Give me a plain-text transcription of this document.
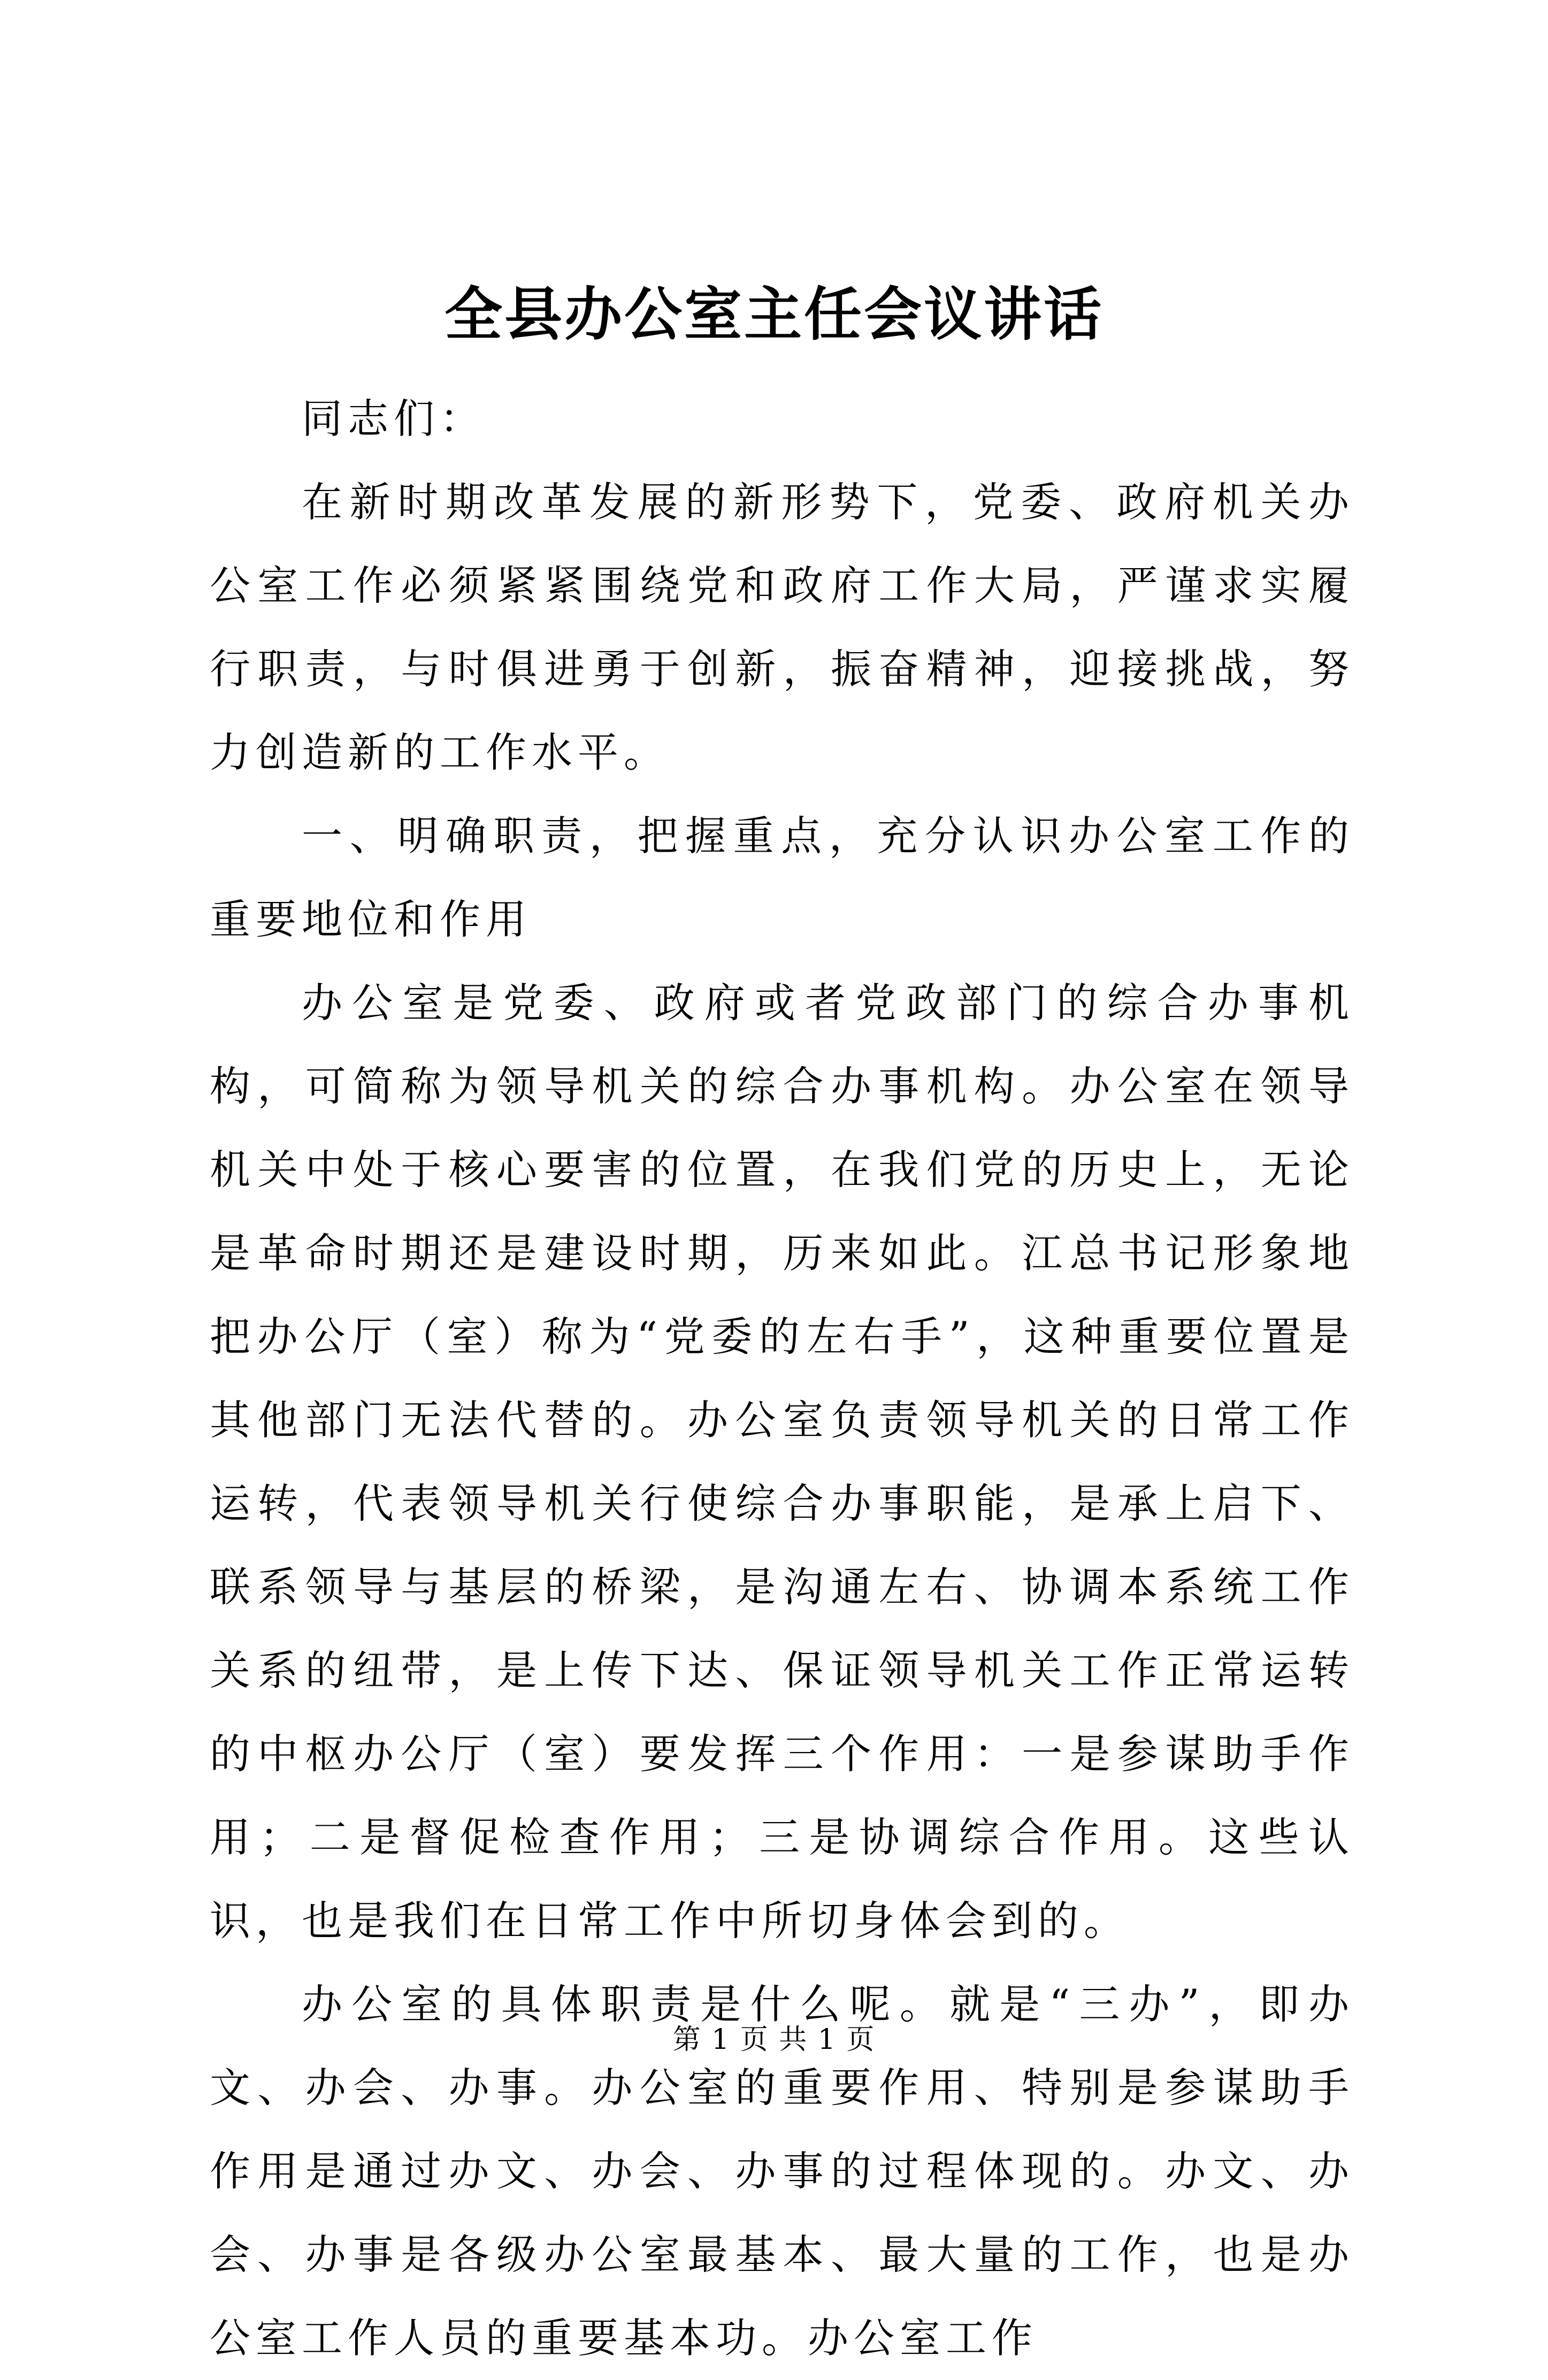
全县办公室主任会议讲话

同志们：

在新时期改革发展的新形势下，党委、政府机关办公室工作必须紧紧围绕党和政府工作大局，严谨求实履行职责，与时俱进勇于创新，振奋精神，迎接挑战，努力创造新的工作水平。

一、明确职责，把握重点，充分认识办公室工作的重要地位和作用

办公室是党委、政府或者党政部门的综合办事机构，可简称为领导机关的综合办事机构。办公室在领导机关中处于核心要害的位置，在我们党的历史上，无论是革命时期还是建设时期，历来如此。江总书记形象地把办公厅（室）称为“党委的左右手”，这种重要位置是其他部门无法代替的。办公室负责领导机关的日常工作运转，代表领导机关行使综合办事职能，是承上启下、联系领导与基层的桥梁，是沟通左右、协调本系统工作关系的纽带，是上传下达、保证领导机关工作正常运转的中枢办公厅（室）要发挥三个作用：一是参谋助手作用；二是督促检查作用；三是协调综合作用。这些认识，也是我们在日常工作中所切身体会到的。

办公室的具体职责是什么呢。就是“三办”，即办文、办会、办事。办公室的重要作用、特别是参谋助手作用是通过办文、办会、办事的过程体现的。办文、办会、办事是各级办公室最基本、最大量的工作，也是办公室工作人员的重要基本功。办公室工作

第 1 页 共 1 页
